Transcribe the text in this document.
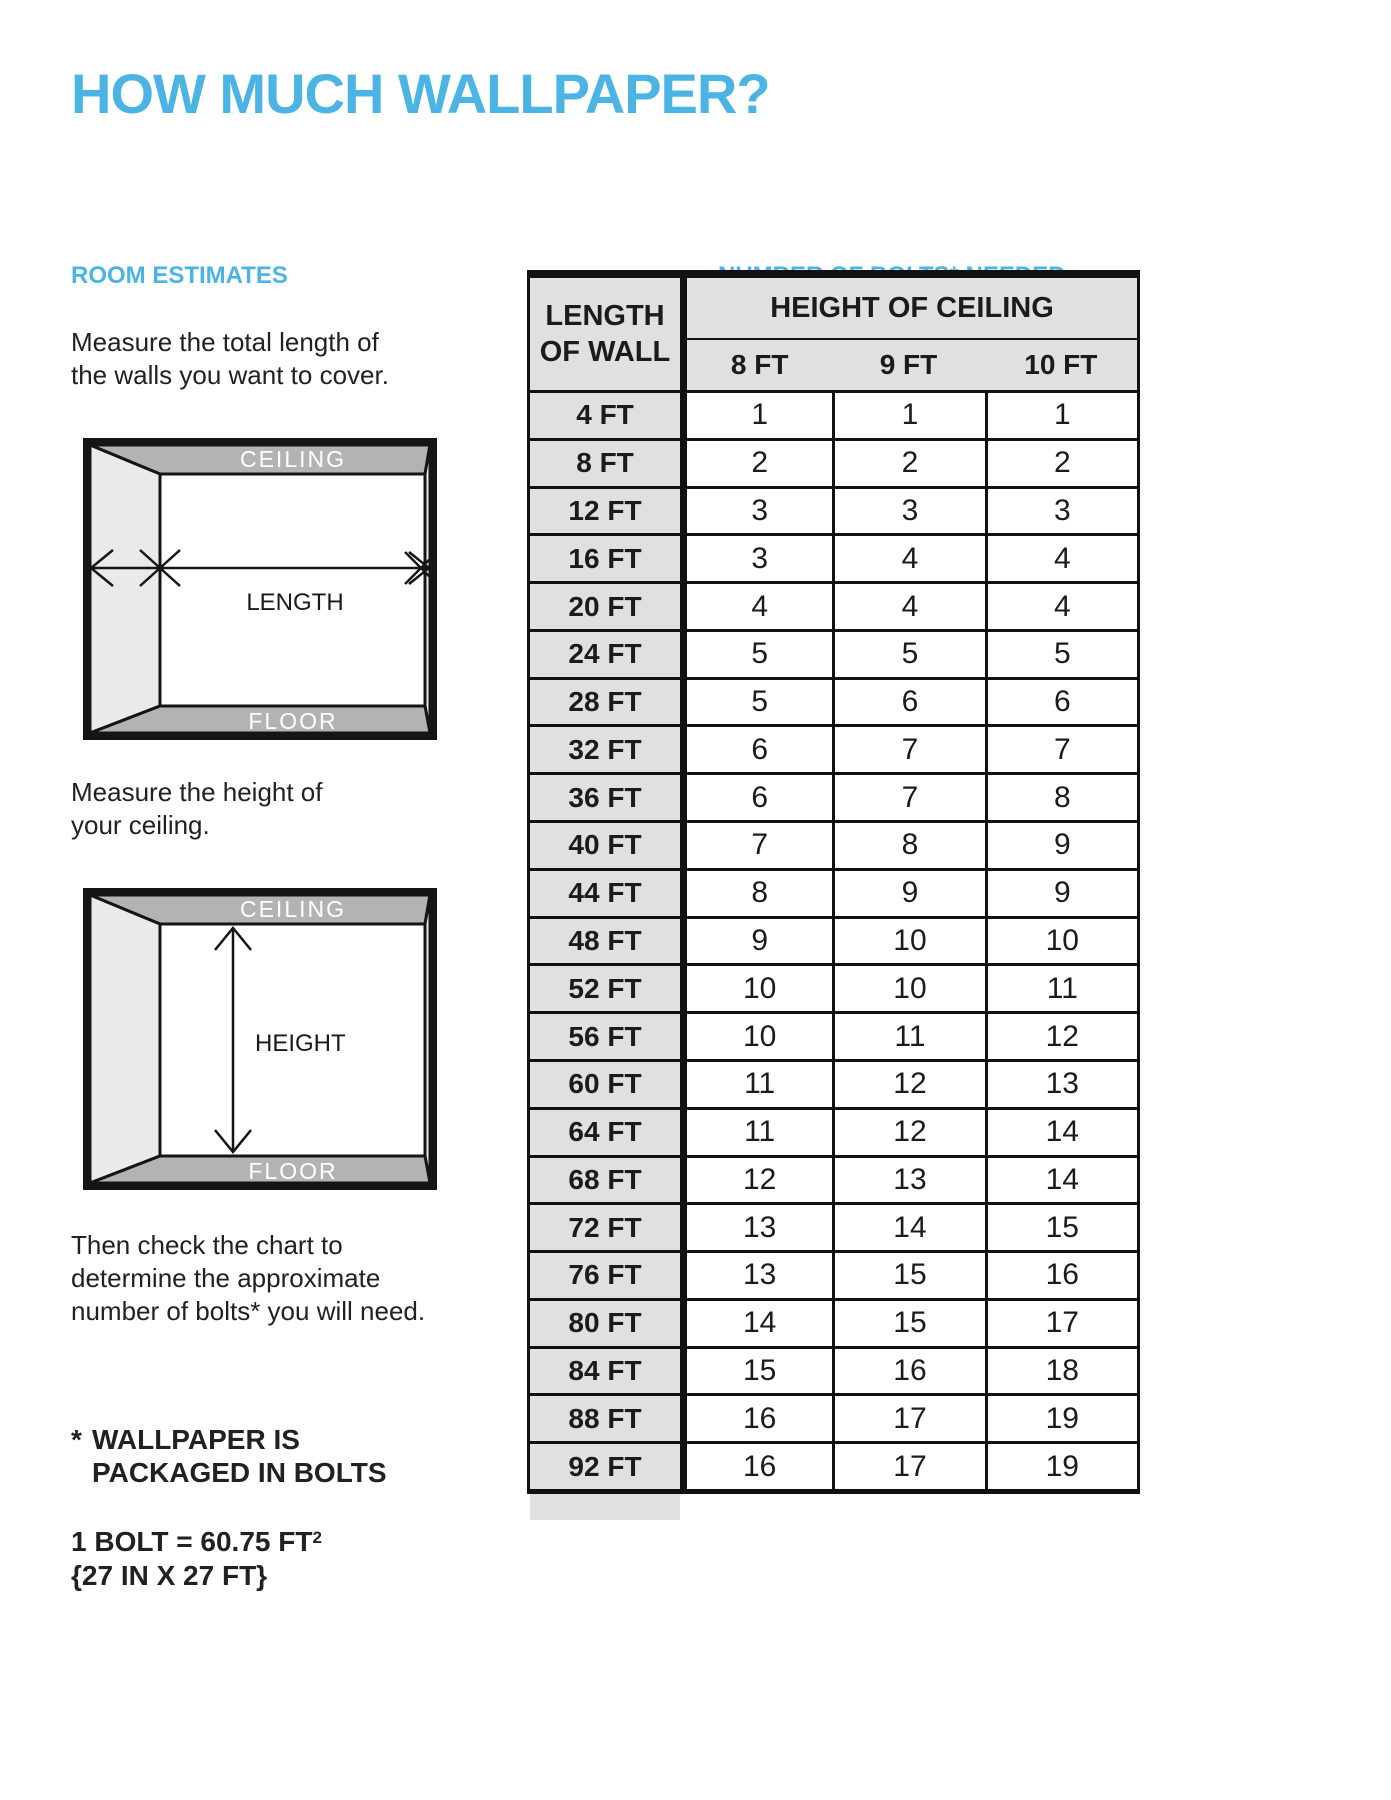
HOW MUCH WALLPAPER?
ROOM ESTIMATES
Measure the total length of
the walls you want to cover.
CEILING
FLOOR
LENGTH
Measure the height of
your ceiling.
CEILING
FLOOR
HEIGHT
Then check the chart to
determine the approximate
number of bolts* you will need.
* WALLPAPER IS
PACKAGED IN BOLTS
1 BOLT = 60.75 $FT^2$
{27 IN X 27 FT}
LENGTH
OF WALL
HEIGHT OF CEILING
8 FT	9 FT	10 FT
4 FT	1	1	1
8 FT	2	2	2
12 FT	3	3	3
16 FT	3	4	4
20 FT	4	4	4
24 FT	5	5	5
28 FT	5	6	6
32 FT	6	7	7
36 FT	6	7	8
40 FT	7	8	9
44 FT	8	9	9
48 FT	9	10	10
52 FT	10	10	11
56 FT	10	11	12
60 FT	11	12	13
64 FT	11	12	14
68 FT	12	13	14
72 FT	13	14	15
76 FT	13	15	16
80 FT	14	15	17
84 FT	15	16	18
88 FT	16	17	19
92 FT	16	17	19
